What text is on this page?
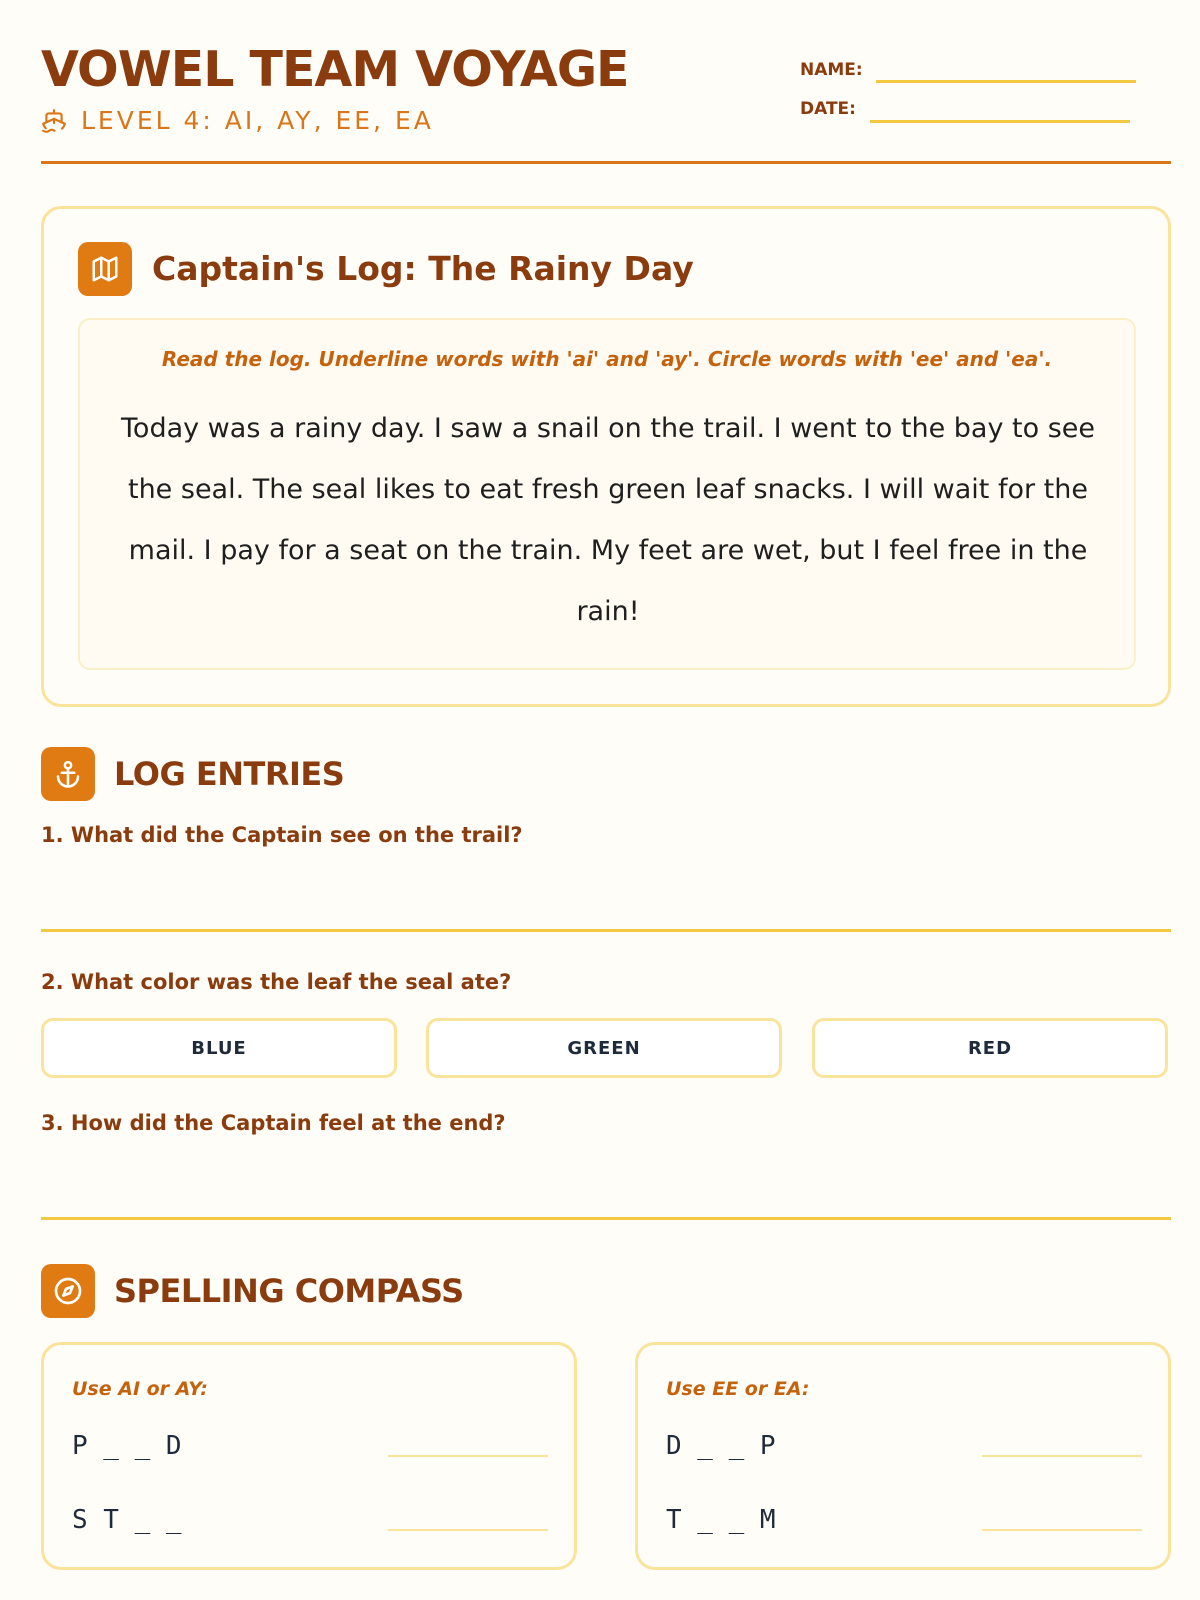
VOWEL TEAM VOYAGE
LEVEL 4: AI, AY, EE, EA
NAME:
DATE:
Captain's Log: The Rainy Day
Read the log. Underline words with 'ai' and 'ay'. Circle words with 'ee' and 'ea'.
Today was a rainy day. I saw a snail on the trail. I went to the bay to see the seal. The seal likes to eat fresh green leaf snacks. I will wait for the mail. I pay for a seat on the train. My feet are wet, but I feel free in the rain!
LOG ENTRIES
1. What did the Captain see on the trail?
2. What color was the leaf the seal ate?
BLUE	GREEN	RED
3. How did the Captain feel at the end?
SPELLING COMPASS
Use AI or AY:
P _ _ D
S T _ _
Use EE or EA:
D _ _ P
T _ _ M
